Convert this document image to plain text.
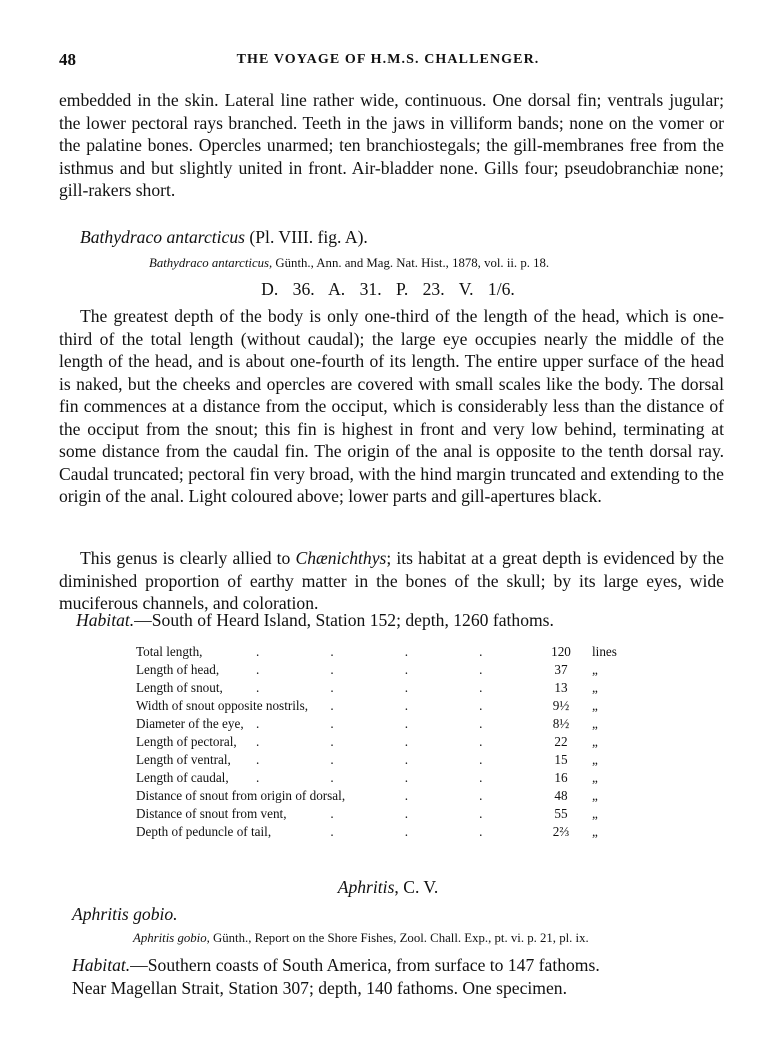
48	THE VOYAGE OF H.M.S. CHALLENGER.
embedded in the skin. Lateral line rather wide, continuous. One dorsal fin; ventrals jugular; the lower pectoral rays branched. Teeth in the jaws in villiform bands; none on the vomer or the palatine bones. Opercles unarmed; ten branchiostegals; the gill-membranes free from the isthmus and but slightly united in front. Air-bladder none. Gills four; pseudobranchiæ none; gill-rakers short.
Bathydraco antarcticus (Pl. VIII. fig. A).
Bathydraco antarcticus, Günth., Ann. and Mag. Nat. Hist., 1878, vol. ii. p. 18.
D. 36. A. 31. P. 23. V. 1/6.
The greatest depth of the body is only one-third of the length of the head, which is one-third of the total length (without caudal); the large eye occupies nearly the middle of the length of the head, and is about one-fourth of its length. The entire upper surface of the head is naked, but the cheeks and opercles are covered with small scales like the body. The dorsal fin commences at a distance from the occiput, which is considerably less than the distance of the occiput from the snout; this fin is highest in front and very low behind, terminating at some distance from the caudal fin. The origin of the anal is opposite to the tenth dorsal ray. Caudal truncated; pectoral fin very broad, with the hind margin truncated and extending to the origin of the anal. Light coloured above; lower parts and gill-apertures black.
This genus is clearly allied to Chænichthys; its habitat at a great depth is evidenced by the diminished proportion of earthy matter in the bones of the skull; by its large eyes, wide muciferous channels, and coloration.
Habitat.—South of Heard Island, Station 152; depth, 1260 fathoms.
Total length, .	120	lines
Length of head, .	37	„
Length of snout, .	13	„
Width of snout opposite nostrils, .	9½	„
Diameter of the eye, .	8½	„
Length of pectoral, .	22	„
Length of ventral, .	15	„
Length of caudal, .	16	„
Distance of snout from origin of dorsal, .	48	„
Distance of snout from vent, .	55	„
Depth of peduncle of tail, .	2⅔	„
Aphritis, C. V.
Aphritis gobio.
Aphritis gobio, Günth., Report on the Shore Fishes, Zool. Chall. Exp., pt. vi. p. 21, pl. ix.
Habitat.—Southern coasts of South America, from surface to 147 fathoms.
Near Magellan Strait, Station 307; depth, 140 fathoms. One specimen.
